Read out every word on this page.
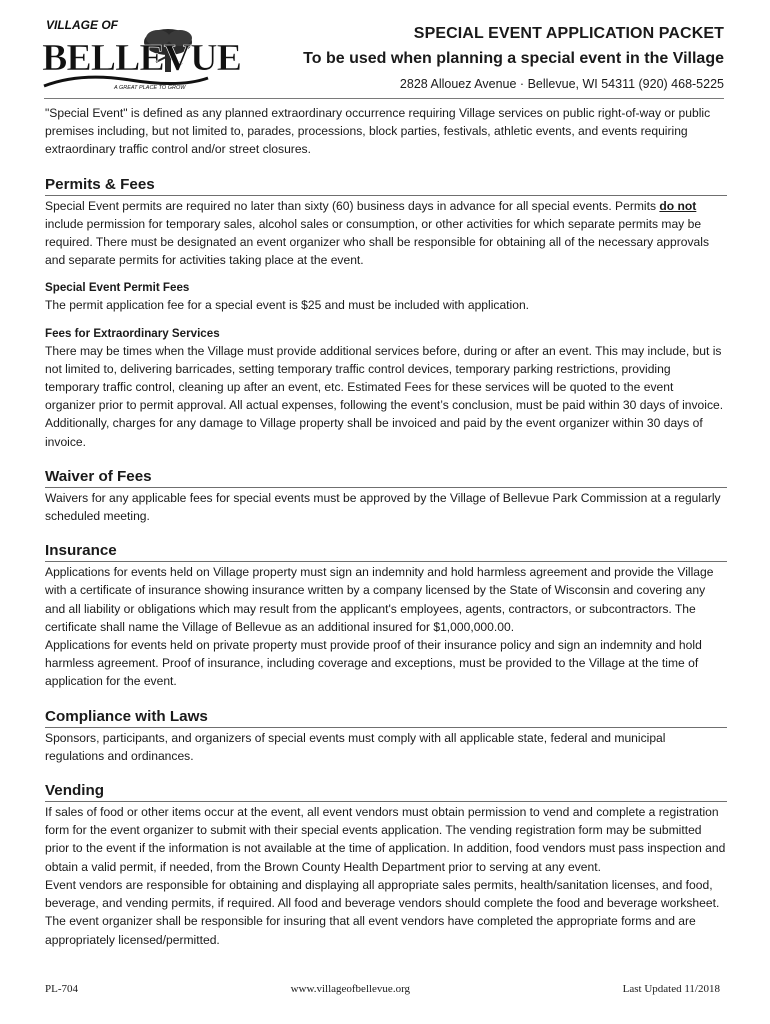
VILLAGE OF
BELLEVUE
A GREAT PLACE TO GROW
SPECIAL EVENT APPLICATION PACKET
To be used when planning a special event in the Village
2828 Allouez Avenue · Bellevue, WI 54311 (920) 468-5225

"Special Event" is defined as any planned extraordinary occurrence requiring Village services on public right-of-way or public premises including, but not limited to, parades, processions, block parties, festivals, athletic events, and events requiring extraordinary traffic control and/or street closures.

Permits & Fees

Special Event permits are required no later than sixty (60) business days in advance for all special events. Permits do not include permission for temporary sales, alcohol sales or consumption, or other activities for which separate permits may be required. There must be designated an event organizer who shall be responsible for obtaining all of the necessary approvals and separate permits for activities taking place at the event.

Special Event Permit Fees

The permit application fee for a special event is $25 and must be included with application.

Fees for Extraordinary Services

There may be times when the Village must provide additional services before, during or after an event. This may include, but is not limited to, delivering barricades, setting temporary traffic control devices, temporary parking restrictions, providing temporary traffic control, cleaning up after an event, etc. Estimated Fees for these services will be quoted to the event organizer prior to permit approval. All actual expenses, following the event’s conclusion, must be paid within 30 days of invoice. Additionally, charges for any damage to Village property shall be invoiced and paid by the event organizer within 30 days of invoice.

Waiver of Fees

Waivers for any applicable fees for special events must be approved by the Village of Bellevue Park Commission at a regularly scheduled meeting.

Insurance

Applications for events held on Village property must sign an indemnity and hold harmless agreement and provide the Village with a certificate of insurance showing insurance written by a company licensed by the State of Wisconsin and covering any and all liability or obligations which may result from the applicant's employees, agents, contractors, or subcontractors. The certificate shall name the Village of Bellevue as an additional insured for $1,000,000.00.

Applications for events held on private property must provide proof of their insurance policy and sign an indemnity and hold harmless agreement. Proof of insurance, including coverage and exceptions, must be provided to the Village at the time of application for the event.

Compliance with Laws

Sponsors, participants, and organizers of special events must comply with all applicable state, federal and municipal regulations and ordinances.

Vending

If sales of food or other items occur at the event, all event vendors must obtain permission to vend and complete a registration form for the event organizer to submit with their special events application. The vending registration form may be submitted prior to the event if the information is not available at the time of application. In addition, food vendors must pass inspection and obtain a valid permit, if needed, from the Brown County Health Department prior to serving at any event.

Event vendors are responsible for obtaining and displaying all appropriate sales permits, health/sanitation licenses, and food, beverage, and vending permits, if required. All food and beverage vendors should complete the food and beverage worksheet. The event organizer shall be responsible for insuring that all event vendors have completed the appropriate forms and are appropriately licensed/permitted.

PL-704	www.villageofbellevue.org	Last Updated 11/2018
